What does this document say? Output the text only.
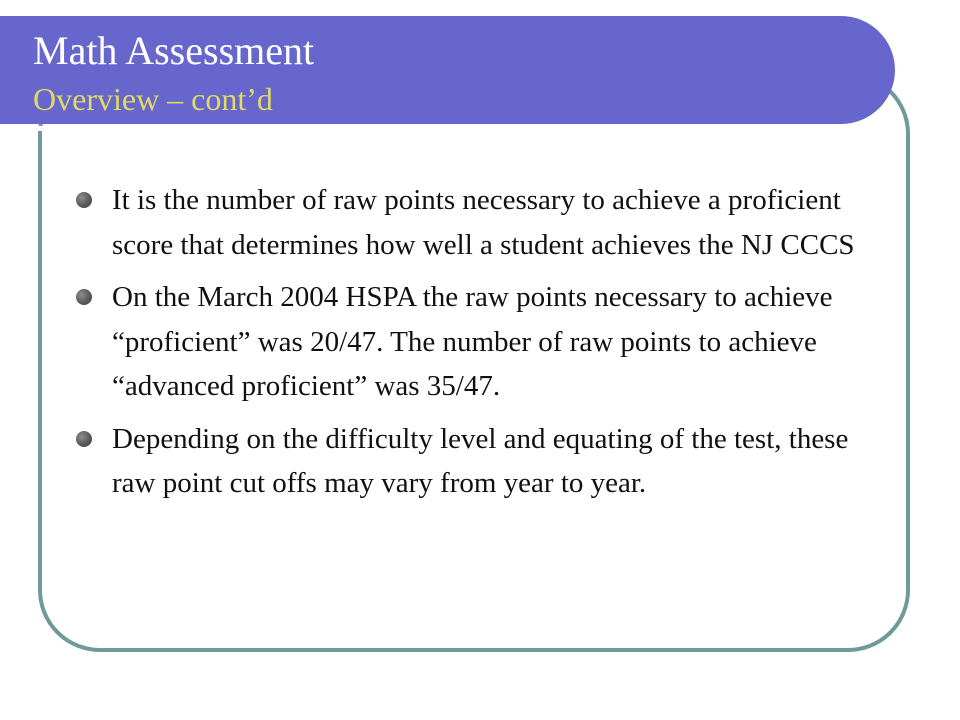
Math Assessment
Overview – cont’d
It is the number of raw points necessary to achieve a proficient score that determines how well a student achieves the NJ CCCS
On the March 2004 HSPA the raw points necessary to achieve “proficient” was 20/47. The number of raw points to achieve “advanced proficient” was 35/47.
Depending on the difficulty level and equating of the test, these raw point cut offs may vary from year to year.
